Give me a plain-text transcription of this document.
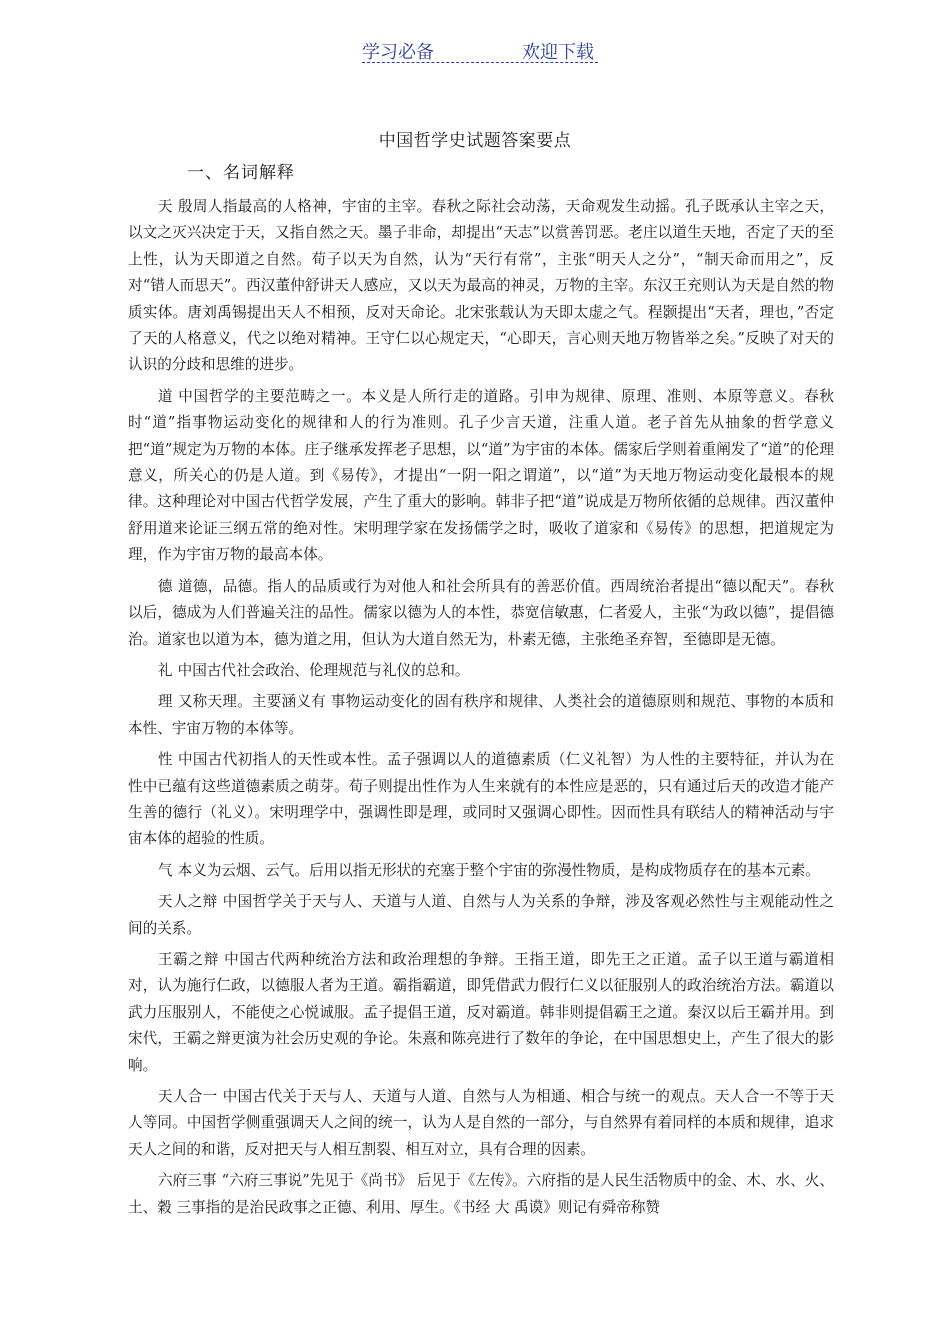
学习必备	欢迎下载
中国哲学史试题答案要点
一、名词解释

天 殷周人指最高的人格神，宇宙的主宰。春秋之际社会动荡，天命观发生动摇。孔子既承认主宰之天，以文之灭兴决定于天，又指自然之天。墨子非命，却提出“天志”以赏善罚恶。老庄以道生天地，否定了天的至上性，认为天即道之自然。荀子以天为自然，认为“天行有常”，主张“明天人之分”，“制天命而用之”，反对“错人而思天”。西汉董仲舒讲天人感应，又以天为最高的神灵，万物的主宰。东汉王充则认为天是自然的物质实体。唐刘禹锡提出天人不相预，反对天命论。北宋张载认为天即太虚之气。程颢提出“天者，理也，”否定了天的人格意义，代之以绝对精神。王守仁以心规定天，“心即天，言心则天地万物皆举之矣。”反映了对天的认识的分歧和思维的进步。

道 中国哲学的主要范畴之一。本义是人所行走的道路。引申为规律、原理、准则、本原等意义。春秋时“道”指事物运动变化的规律和人的行为准则。孔子少言天道，注重人道。老子首先从抽象的哲学意义把“道”规定为万物的本体。庄子继承发挥老子思想，以“道”为宇宙的本体。儒家后学则着重阐发了“道”的伦理意义，所关心的仍是人道。到《易传》，才提出“一阴一阳之谓道”，以“道”为天地万物运动变化最根本的规律。这种理论对中国古代哲学发展，产生了重大的影响。韩非子把“道”说成是万物所依循的总规律。西汉董仲舒用道来论证三纲五常的绝对性。宋明理学家在发扬儒学之时，吸收了道家和《易传》的思想，把道规定为理，作为宇宙万物的最高本体。

德 道德，品德。指人的品质或行为对他人和社会所具有的善恶价值。西周统治者提出“德以配天”。春秋以后，德成为人们普遍关注的品性。儒家以德为人的本性，恭宽信敏惠，仁者爱人，主张“为政以德”，提倡德治。道家也以道为本，德为道之用，但认为大道自然无为，朴素无德，主张绝圣弃智，至德即是无德。

礼 中国古代社会政治、伦理规范与礼仪的总和。

理 又称天理。主要涵义有 事物运动变化的固有秩序和规律、人类社会的道德原则和规范、事物的本质和本性、宇宙万物的本体等。

性 中国古代初指人的天性或本性。孟子强调以人的道德素质（仁义礼智）为人性的主要特征，并认为在性中已蕴有这些道德素质之萌芽。荀子则提出性作为人生来就有的本性应是恶的，只有通过后天的改造才能产生善的德行（礼义）。宋明理学中，强调性即是理，或同时又强调心即性。因而性具有联结人的精神活动与宇宙本体的超验的性质。

气 本义为云烟、云气。后用以指无形状的充塞于整个宇宙的弥漫性物质，是构成物质存在的基本元素。

天人之辩 中国哲学关于天与人、天道与人道、自然与人为关系的争辩，涉及客观必然性与主观能动性之间的关系。

王霸之辩 中国古代两种统治方法和政治理想的争辩。王指王道，即先王之正道。孟子以王道与霸道相对，认为施行仁政，以德服人者为王道。霸指霸道，即凭借武力假行仁义以征服别人的政治统治方法。霸道以武力压服别人，不能使之心悦诚服。孟子提倡王道，反对霸道。韩非则提倡霸王之道。秦汉以后王霸并用。到宋代，王霸之辩更演为社会历史观的争论。朱熹和陈亮进行了数年的争论，在中国思想史上，产生了很大的影响。

天人合一 中国古代关于天与人、天道与人道、自然与人为相通、相合与统一的观点。天人合一不等于天人等同。中国哲学侧重强调天人之间的统一，认为人是自然的一部分，与自然界有着同样的本质和规律，追求天人之间的和谐，反对把天与人相互割裂、相互对立，具有合理的因素。

六府三事 “六府三事说”先见于《尚书》 后见于《左传》。六府指的是人民生活物质中的金、木、水、火、土、穀 三事指的是治民政事之正德、利用、厚生。《书经 大 禹谟》则记有舜帝称赞
